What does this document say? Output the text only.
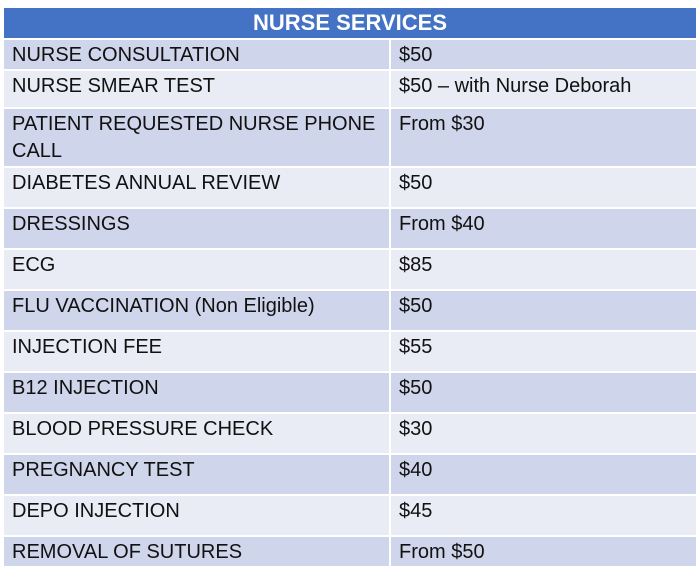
NURSE SERVICES	
NURSE CONSULTATION	$50
NURSE SMEAR TEST	$50 – with Nurse Deborah
PATIENT REQUESTED NURSE PHONE CALL	From $30
DIABETES ANNUAL REVIEW	$50
DRESSINGS	From $40
ECG	$85
FLU VACCINATION (Non Eligible)	$50
INJECTION FEE	$55
B12 INJECTION	$50
BLOOD PRESSURE CHECK	$30
PREGNANCY TEST	$40
DEPO INJECTION	$45
REMOVAL OF SUTURES	From $50
